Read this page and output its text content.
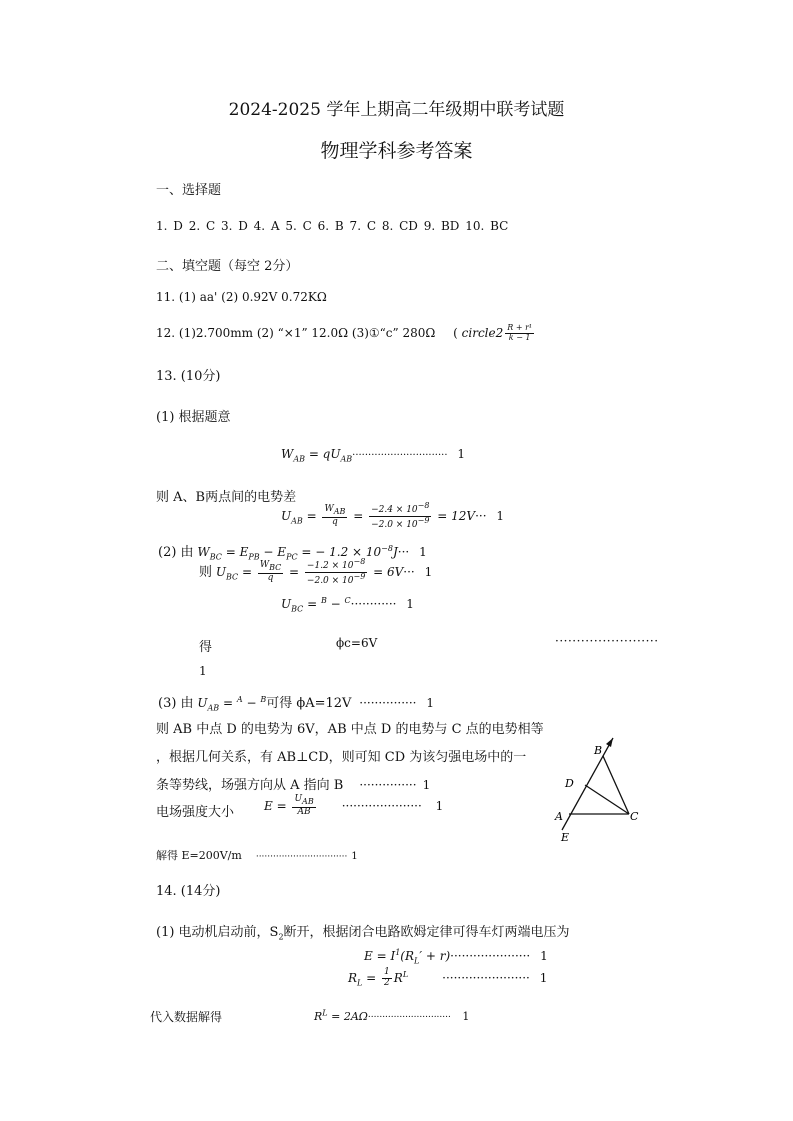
2024-2025 学年上期高二年级期中联考试题
物理学科参考答案
一、选择题
1. D 2. C 3. D 4. A 5. C 6. B 7. C 8. CD 9. BD 10. BC
二、填空题（每空 2分）
11. (1) aa' (2) 0.92V 0.72KΩ
12. (1)2.700mm (2) “×1” 12.0Ω (3)①“c” 280Ω ( circle2 $\frac{\text{R + r¹}}{k - 1}$
13. (10分)
(1) 根据题意
$W_{AB} = qU_{AB}\cdot\cdot\cdot\cdot\cdot\cdot\cdot\cdot\cdot\cdot\cdot\cdot\cdot\cdot\cdot\cdot\cdot\cdot\cdot\cdot\cdot\cdot\cdot\cdot\cdot\cdot\cdot\cdot\cdot\cdot 1$
则 A、B两点间的电势差
$U_{AB} = \frac{\text{WAB}}{q} = \frac{-2.4 \times 10-8}{-2.0 \times 10-9} = 12V\cdot\cdot\cdot 1$
(2) 由 $W_{BC} = E_{PB} - E_{PC}$ = − $1.2 \times 10^{-8}J\cdot\cdot\cdot 1$
则 $U_{BC} = \frac{\text{WBC}}{q} = \frac{-1.2 \times 10-8}{-2.0 \times 10-9} = 6V\cdot\cdot\cdot 1$
$U_{BC} = ^B - ^C\cdot\cdot\cdot\cdot\cdot\cdot\cdot\cdot\cdot\cdot\cdot\cdot 1$
得	ϕc=6V	························
1
(3) 由 $U_{AB} = ^A - ^B$可得 ϕA=12V ··············· 1
则 AB 中点 D 的电势为 6V，AB 中点 D 的电势与 C 点的电势相等
，根据几何关系，有 AB⊥CD，则可知 CD 为该匀强电场中的一
条等势线，场强方向从 A 指向 B ··············· 1
电场强度大小 $E = \frac{\text{UAB}}{AB}$ ····················· 1
解得 E=200V/m ································ 1
B
D
A	C
E
14. (14分)
(1) 电动机启动前，$S_2$断开，根据闭合电路欧姆定律可得车灯两端电压为
$E = I^1(R_L' + r)\cdot\cdot\cdot\cdot\cdot\cdot\cdot\cdot\cdot\cdot\cdot\cdot\cdot\cdot\cdot\cdot\cdot\cdot\cdot\cdot\cdot 1$
$R_L = \frac{1}{2} R^L$	······················· 1
代入数据解得	$R^L = 2A\Omega\cdot\cdot\cdot\cdot\cdot\cdot\cdot\cdot\cdot\cdot\cdot\cdot\cdot\cdot\cdot\cdot\cdot\cdot\cdot\cdot\cdot\cdot\cdot\cdot\cdot\cdot\cdot\cdot\cdot 1$
